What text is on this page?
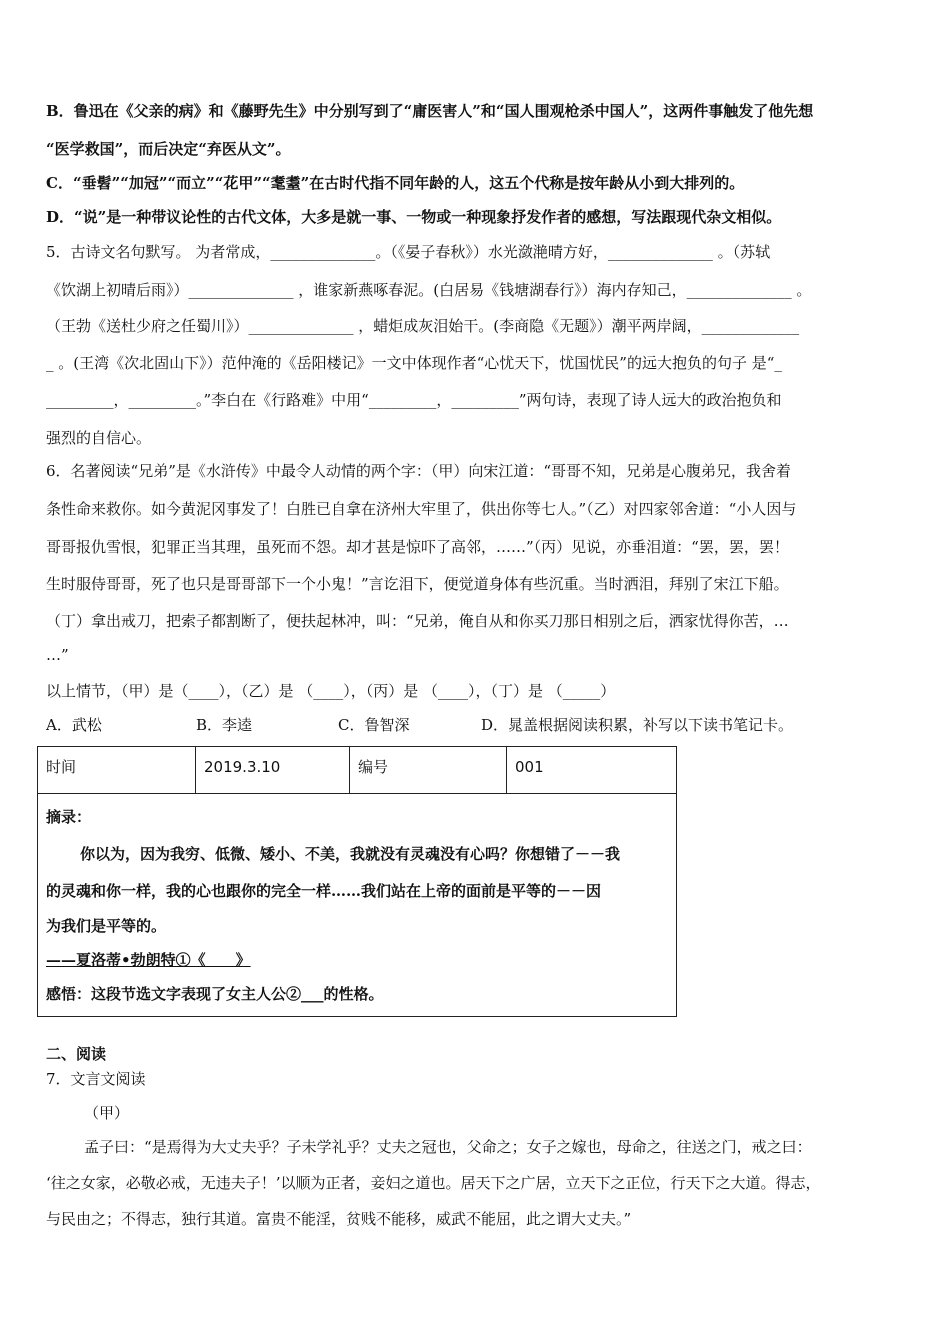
B．鲁迅在《父亲的病》和《藤野先生》中分别写到了“庸医害人”和“国人围观枪杀中国人”，这两件事触发了他先想
“医学救国”，而后决定“弃医从文”。
C．“垂髫”“加冠”“而立”“花甲”“耄耋”在古时代指不同年龄的人，这五个代称是按年龄从小到大排列的。
D．“说”是一种带议论性的古代文体，大多是就一事、一物或一种现象抒发作者的感想，写法跟现代杂文相似。
5．古诗文名句默写。 为者常成，______________。（《晏子春秋》）水光潋滟晴方好，______________ 。（苏轼
《饮湖上初晴后雨》）______________ ，谁家新燕啄春泥。(白居易《钱塘湖春行》）海内存知己，______________ 。
（王勃《送杜少府之任蜀川》）______________ ，蜡炬成灰泪始干。(李商隐《无题》）潮平两岸阔，_____________
_ 。(王湾《次北固山下》）范仲淹的《岳阳楼记》一文中体现作者“心忧天下，忧国忧民”的远大抱负的句子 是“_
_________，_________。”李白在《行路难》中用“_________，_________”两句诗，表现了诗人远大的政治抱负和
强烈的自信心。
6．名著阅读“兄弟”是《水浒传》中最令人动情的两个字：（甲）向宋江道：“哥哥不知，兄弟是心腹弟兄，我舍着
条性命来救你。如今黄泥冈事发了！白胜已自拿在济州大牢里了，供出你等七人。”（乙）对四家邻舍道：“小人因与
哥哥报仇雪恨，犯罪正当其理，虽死而不怨。却才甚是惊吓了高邻，……”（丙）见说，亦垂泪道：“罢，罢，罢！
生时服侍哥哥，死了也只是哥哥部下一个小鬼！”言讫泪下，便觉道身体有些沉重。当时洒泪，拜别了宋江下船。
（丁）拿出戒刀，把索子都割断了，便扶起林冲，叫：“兄弟，俺自从和你买刀那日相别之后，洒家忧得你苦，…
…”
以上情节，（甲）是（____），（乙）是 （____），（丙）是 （____），（丁）是 （_____）
A．武松	B．李逵	C．鲁智深	D．晁盖根据阅读积累，补写以下读书笔记卡。
时间	2019.3.10	编号	001

摘录：
你以为，因为我穷、低微、矮小、不美，我就没有灵魂没有心吗？你想错了－－我
的灵魂和你一样，我的心也跟你的完全一样……我们站在上帝的面前是平等的－－因
为我们是平等的。
——夏洛蒂•勃朗特①《　　》
感悟：这段节选文字表现了女主人公②___的性格。
二、阅读
7．文言文阅读
（甲）
孟子曰：“是焉得为大丈夫乎？子未学礼乎？丈夫之冠也，父命之；女子之嫁也，母命之，往送之门，戒之曰：
‘往之女家，必敬必戒，无违夫子！’以顺为正者，妾妇之道也。居天下之广居，立天下之正位，行天下之大道。得志，
与民由之；不得志，独行其道。富贵不能淫，贫贱不能移，威武不能屈，此之谓大丈夫。”
